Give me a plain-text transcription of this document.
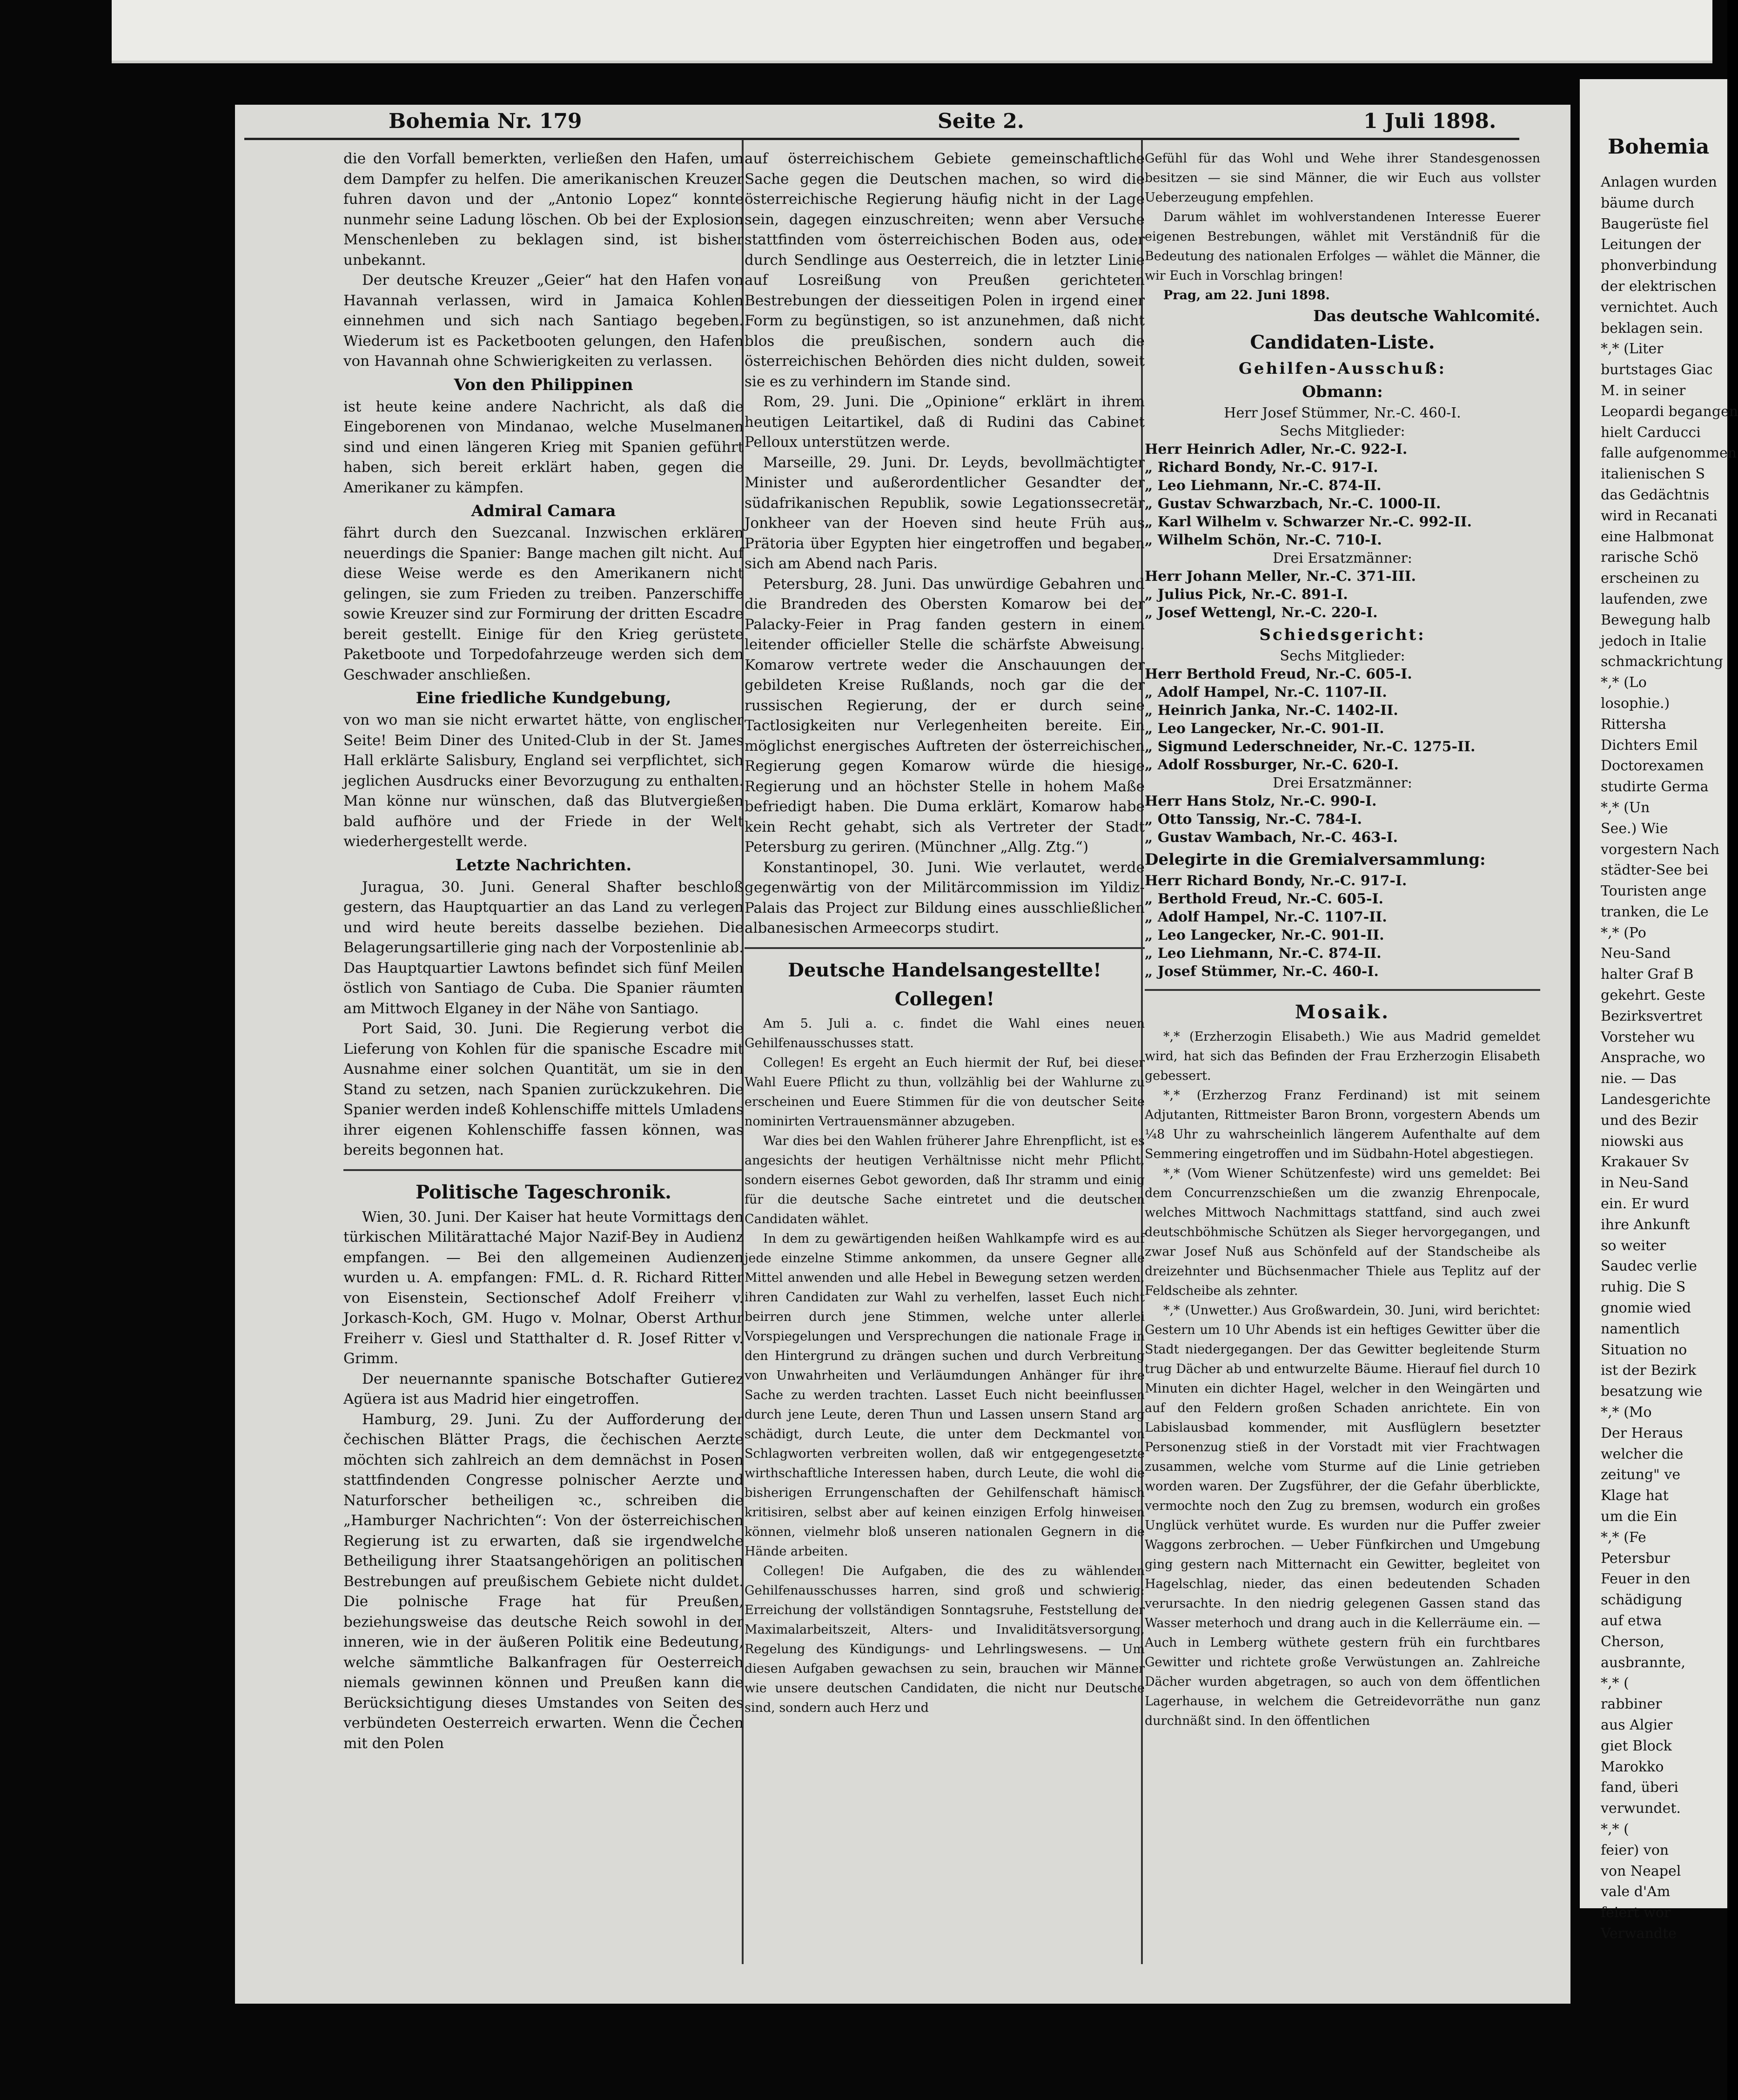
Bohemia
Anlagen wurden
bäume durch
Baugerüste fiel
Leitungen der
phonverbindung
der elektrischen
vernichtet. Auch
beklagen sein.
*,* (Liter
burtstages Giac
M. in seiner
Leopardi begangen
hielt Carducci
falle aufgenommen
italienischen S
das Gedächtnis
wird in Recanati
eine Halbmonat
rarische Schö
erscheinen zu
laufenden, zwe
Bewegung halb
jedoch in Italie
schmackrichtung
*,* (Lo
losophie.)
Rittersha
Dichters Emil
Doctorexamen
studirte Germa
*,* (Un
See.) Wie
vorgestern Nach
städter-See bei
Touristen ange
tranken, die Le
*,* (Po
Neu-Sand
halter Graf B
gekehrt. Geste
Bezirksvertret
Vorsteher wu
Ansprache, wo
nie. — Das
Landesgerichte
und des Bezir
niowski aus
Krakauer Sv
in Neu-Sand
ein. Er wurd
ihre Ankunft
so weiter
Saudec verlie
ruhig. Die S
gnomie wied
namentlich
Situation no
ist der Bezirk
besatzung wie
*,* (Mo
Der Heraus
welcher die
zeitung" ve
Klage hat
um die Ein
*,* (Fe
Petersbur
Feuer in den
schädigung
auf etwa
Cherson,
ausbrannte,
*,* (
rabbiner
aus Algier
giet Block
Marokko
fand, überi
verwundet.
*,* (
feier) von
von Neapel
vale d'Am
feiert wor
Verwandte
Bohemia Nr. 179	Seite 2.	1 Juli 1898.

die den Vorfall bemerkten, verließen den Hafen, um dem Dampfer zu helfen. Die amerikanischen Kreuzer fuhren davon und der „Antonio Lopez“ konnte nunmehr seine Ladung löschen. Ob bei der Explosion Menschenleben zu beklagen sind, ist bisher unbekannt.

Der deutsche Kreuzer „Geier“ hat den Hafen von Havannah verlassen, wird in Jamaica Kohlen einnehmen und sich nach Santiago begeben. Wiederum ist es Packetbooten gelungen, den Hafen von Havannah ohne Schwierigkeiten zu verlassen.

Von den Philippinen

ist heute keine andere Nachricht, als daß die Eingeborenen von Mindanao, welche Muselmanen sind und einen längeren Krieg mit Spanien geführt haben, sich bereit erklärt haben, gegen die Amerikaner zu kämpfen.

Admiral Camara

fährt durch den Suezcanal. Inzwischen erklären neuerdings die Spanier: Bange machen gilt nicht. Auf diese Weise werde es den Amerikanern nicht gelingen, sie zum Frieden zu treiben. Panzerschiffe sowie Kreuzer sind zur Formirung der dritten Escadre bereit gestellt. Einige für den Krieg gerüstete Paketboote und Torpedofahrzeuge werden sich dem Geschwader anschließen.

Eine friedliche Kundgebung,

von wo man sie nicht erwartet hätte, von englischer Seite! Beim Diner des United-Club in der St. James Hall erklärte Salisbury, England sei verpflichtet, sich jeglichen Ausdrucks einer Bevorzugung zu enthalten. Man könne nur wünschen, daß das Blutvergießen bald aufhöre und der Friede in der Welt wiederhergestellt werde.

Letzte Nachrichten.

Juragua, 30. Juni. General Shafter beschloß gestern, das Hauptquartier an das Land zu verlegen und wird heute bereits dasselbe beziehen. Die Belagerungsartillerie ging nach der Vorpostenlinie ab. Das Hauptquartier Lawtons befindet sich fünf Meilen östlich von Santiago de Cuba. Die Spanier räumten am Mittwoch Elganey in der Nähe von Santiago.

Port Said, 30. Juni. Die Regierung verbot die Lieferung von Kohlen für die spanische Escadre mit Ausnahme einer solchen Quantität, um sie in den Stand zu setzen, nach Spanien zurückzukehren. Die Spanier werden indeß Kohlenschiffe mittels Umladens ihrer eigenen Kohlenschiffe fassen können, was bereits begonnen hat.

Politische Tageschronik.

Wien, 30. Juni. Der Kaiser hat heute Vormittags den türkischen Militärattaché Major Nazif-Bey in Audienz empfangen. — Bei den allgemeinen Audienzen wurden u. A. empfangen: FML. d. R. Richard Ritter von Eisenstein, Sectionschef Adolf Freiherr v. Jorkasch-Koch, GM. Hugo v. Molnar, Oberst Arthur Freiherr v. Giesl und Statthalter d. R. Josef Ritter v. Grimm.

Der neuernannte spanische Botschafter Gutierez Agüera ist aus Madrid hier eingetroffen.

Hamburg, 29. Juni. Zu der Aufforderung der čechischen Blätter Prags, die čechischen Aerzte möchten sich zahlreich an dem demnächst in Posen stattfindenden Congresse polnischer Aerzte und Naturforscher betheiligen ꝛc., schreiben die „Hamburger Nachrichten“: Von der österreichischen Regierung ist zu erwarten, daß sie irgendwelche Betheiligung ihrer Staatsangehörigen an politischen Bestrebungen auf preußischem Gebiete nicht duldet. Die polnische Frage hat für Preußen, beziehungsweise das deutsche Reich sowohl in der inneren, wie in der äußeren Politik eine Bedeutung, welche sämmtliche Balkanfragen für Oesterreich niemals gewinnen können und Preußen kann die Berücksichtigung dieses Umstandes von Seiten des verbündeten Oesterreich erwarten. Wenn die Čechen mit den Polen

auf österreichischem Gebiete gemeinschaftliche Sache gegen die Deutschen machen, so wird die österreichische Regierung häufig nicht in der Lage sein, dagegen einzuschreiten; wenn aber Versuche stattfinden vom österreichischen Boden aus, oder durch Sendlinge aus Oesterreich, die in letzter Linie auf Losreißung von Preußen gerichteten Bestrebungen der diesseitigen Polen in irgend einer Form zu begünstigen, so ist anzunehmen, daß nicht blos die preußischen, sondern auch die österreichischen Behörden dies nicht dulden, soweit sie es zu verhindern im Stande sind.

Rom, 29. Juni. Die „Opinione“ erklärt in ihrem heutigen Leitartikel, daß di Rudini das Cabinet Pelloux unterstützen werde.

Marseille, 29. Juni. Dr. Leyds, bevollmächtigter Minister und außerordentlicher Gesandter der südafrikanischen Republik, sowie Legationssecretär Jonkheer van der Hoeven sind heute Früh aus Prätoria über Egypten hier eingetroffen und begaben sich am Abend nach Paris.

Petersburg, 28. Juni. Das unwürdige Gebahren und die Brandreden des Obersten Komarow bei der Palacky-Feier in Prag fanden gestern in einem leitender officieller Stelle die schärfste Abweisung. Komarow vertrete weder die Anschauungen der gebildeten Kreise Rußlands, noch gar die der russischen Regierung, der er durch seine Tactlosigkeiten nur Verlegenheiten bereite. Ein möglichst energisches Auftreten der österreichischen Regierung gegen Komarow würde die hiesige Regierung und an höchster Stelle in hohem Maße befriedigt haben. Die Duma erklärt, Komarow habe kein Recht gehabt, sich als Vertreter der Stadt Petersburg zu geriren. (Münchner „Allg. Ztg.“)

Konstantinopel, 30. Juni. Wie verlautet, werde gegenwärtig von der Militärcommission im Yildiz-Palais das Project zur Bildung eines ausschließlichen albanesischen Armeecorps studirt.

Deutsche Handelsangestellte!
Collegen!

Am 5. Juli a. c. findet die Wahl eines neuen Gehilfenausschusses statt.

Collegen! Es ergeht an Euch hiermit der Ruf, bei dieser Wahl Euere Pflicht zu thun, vollzählig bei der Wahlurne zu erscheinen und Euere Stimmen für die von deutscher Seite nominirten Vertrauensmänner abzugeben.

War dies bei den Wahlen früherer Jahre Ehrenpflicht, ist es angesichts der heutigen Verhältnisse nicht mehr Pflicht, sondern eisernes Gebot geworden, daß Ihr stramm und einig für die deutsche Sache eintretet und die deutschen Candidaten wählet.

In dem zu gewärtigenden heißen Wahlkampfe wird es auf jede einzelne Stimme ankommen, da unsere Gegner alle Mittel anwenden und alle Hebel in Bewegung setzen werden, ihren Candidaten zur Wahl zu verhelfen, lasset Euch nicht beirren durch jene Stimmen, welche unter allerlei Vorspiegelungen und Versprechungen die nationale Frage in den Hintergrund zu drängen suchen und durch Verbreitung von Unwahrheiten und Verläumdungen Anhänger für ihre Sache zu werden trachten. Lasset Euch nicht beeinflussen durch jene Leute, deren Thun und Lassen unsern Stand arg schädigt, durch Leute, die unter dem Deckmantel von Schlagworten verbreiten wollen, daß wir entgegengesetzte wirthschaftliche Interessen haben, durch Leute, die wohl die bisherigen Errungenschaften der Gehilfenschaft hämisch kritisiren, selbst aber auf keinen einzigen Erfolg hinweisen können, vielmehr bloß unseren nationalen Gegnern in die Hände arbeiten.

Collegen! Die Aufgaben, die des zu wählenden Gehilfenausschusses harren, sind groß und schwierig: Erreichung der vollständigen Sonntagsruhe, Feststellung der Maximalarbeitszeit, Alters- und Invaliditätsversorgung, Regelung des Kündigungs- und Lehrlingswesens. — Um diesen Aufgaben gewachsen zu sein, brauchen wir Männer wie unsere deutschen Candidaten, die nicht nur Deutsche sind, sondern auch Herz und

Gefühl für das Wohl und Wehe ihrer Standesgenossen besitzen — sie sind Männer, die wir Euch aus vollster Ueberzeugung empfehlen.

Darum wählet im wohlverstandenen Interesse Euerer eigenen Bestrebungen, wählet mit Verständniß für die Bedeutung des nationalen Erfolges — wählet die Männer, die wir Euch in Vorschlag bringen!

Prag, am 22. Juni 1898.

Das deutsche Wahlcomité.
Candidaten-Liste.
Gehilfen-Ausschuß:
Obmann:
Herr Josef Stümmer, Nr.-C. 460-I.
Sechs Mitglieder:
Herr Heinrich Adler, Nr.-C. 922-I.
„ Richard Bondy, Nr.-C. 917-I.
„ Leo Liehmann, Nr.-C. 874-II.
„ Gustav Schwarzbach, Nr.-C. 1000-II.
„ Karl Wilhelm v. Schwarzer Nr.-C. 992-II.
„ Wilhelm Schön, Nr.-C. 710-I.
Drei Ersatzmänner:
Herr Johann Meller, Nr.-C. 371-III.
„ Julius Pick, Nr.-C. 891-I.
„ Josef Wettengl, Nr.-C. 220-I.
Schiedsgericht:
Sechs Mitglieder:
Herr Berthold Freud, Nr.-C. 605-I.
„ Adolf Hampel, Nr.-C. 1107-II.
„ Heinrich Janka, Nr.-C. 1402-II.
„ Leo Langecker, Nr.-C. 901-II.
„ Sigmund Lederschneider, Nr.-C. 1275-II.
„ Adolf Rossburger, Nr.-C. 620-I.
Drei Ersatzmänner:
Herr Hans Stolz, Nr.-C. 990-I.
„ Otto Tanssig, Nr.-C. 784-I.
„ Gustav Wambach, Nr.-C. 463-I.
Delegirte in die Gremialversammlung:
Herr Richard Bondy, Nr.-C. 917-I.
„ Berthold Freud, Nr.-C. 605-I.
„ Adolf Hampel, Nr.-C. 1107-II.
„ Leo Langecker, Nr.-C. 901-II.
„ Leo Liehmann, Nr.-C. 874-II.
„ Josef Stümmer, Nr.-C. 460-I.
Mosaik.

*,* (Erzherzogin Elisabeth.) Wie aus Madrid gemeldet wird, hat sich das Befinden der Frau Erzherzogin Elisabeth gebessert.

*,* (Erzherzog Franz Ferdinand) ist mit seinem Adjutanten, Rittmeister Baron Bronn, vorgestern Abends um ¼8 Uhr zu wahrscheinlich längerem Aufenthalte auf dem Semmering eingetroffen und im Südbahn-Hotel abgestiegen.

*,* (Vom Wiener Schützenfeste) wird uns gemeldet: Bei dem Concurrenzschießen um die zwanzig Ehrenpocale, welches Mittwoch Nachmittags stattfand, sind auch zwei deutschböhmische Schützen als Sieger hervorgegangen, und zwar Josef Nuß aus Schönfeld auf der Standscheibe als dreizehnter und Büchsenmacher Thiele aus Teplitz auf der Feldscheibe als zehnter.

*,* (Unwetter.) Aus Großwardein, 30. Juni, wird berichtet: Gestern um 10 Uhr Abends ist ein heftiges Gewitter über die Stadt niedergegangen. Der das Gewitter begleitende Sturm trug Dächer ab und entwurzelte Bäume. Hierauf fiel durch 10 Minuten ein dichter Hagel, welcher in den Weingärten und auf den Feldern großen Schaden anrichtete. Ein von Labislausbad kommender, mit Ausflüglern besetzter Personenzug stieß in der Vorstadt mit vier Frachtwagen zusammen, welche vom Sturme auf die Linie getrieben worden waren. Der Zugsführer, der die Gefahr überblickte, vermochte noch den Zug zu bremsen, wodurch ein großes Unglück verhütet wurde. Es wurden nur die Puffer zweier Waggons zerbrochen. — Ueber Fünfkirchen und Umgebung ging gestern nach Mitternacht ein Gewitter, begleitet von Hagelschlag, nieder, das einen bedeutenden Schaden verursachte. In den niedrig gelegenen Gassen stand das Wasser meterhoch und drang auch in die Kellerräume ein. — Auch in Lemberg wüthete gestern früh ein furchtbares Gewitter und richtete große Verwüstungen an. Zahlreiche Dächer wurden abgetragen, so auch von dem öffentlichen Lagerhause, in welchem die Getreidevorräthe nun ganz durchnäßt sind. In den öffentlichen
